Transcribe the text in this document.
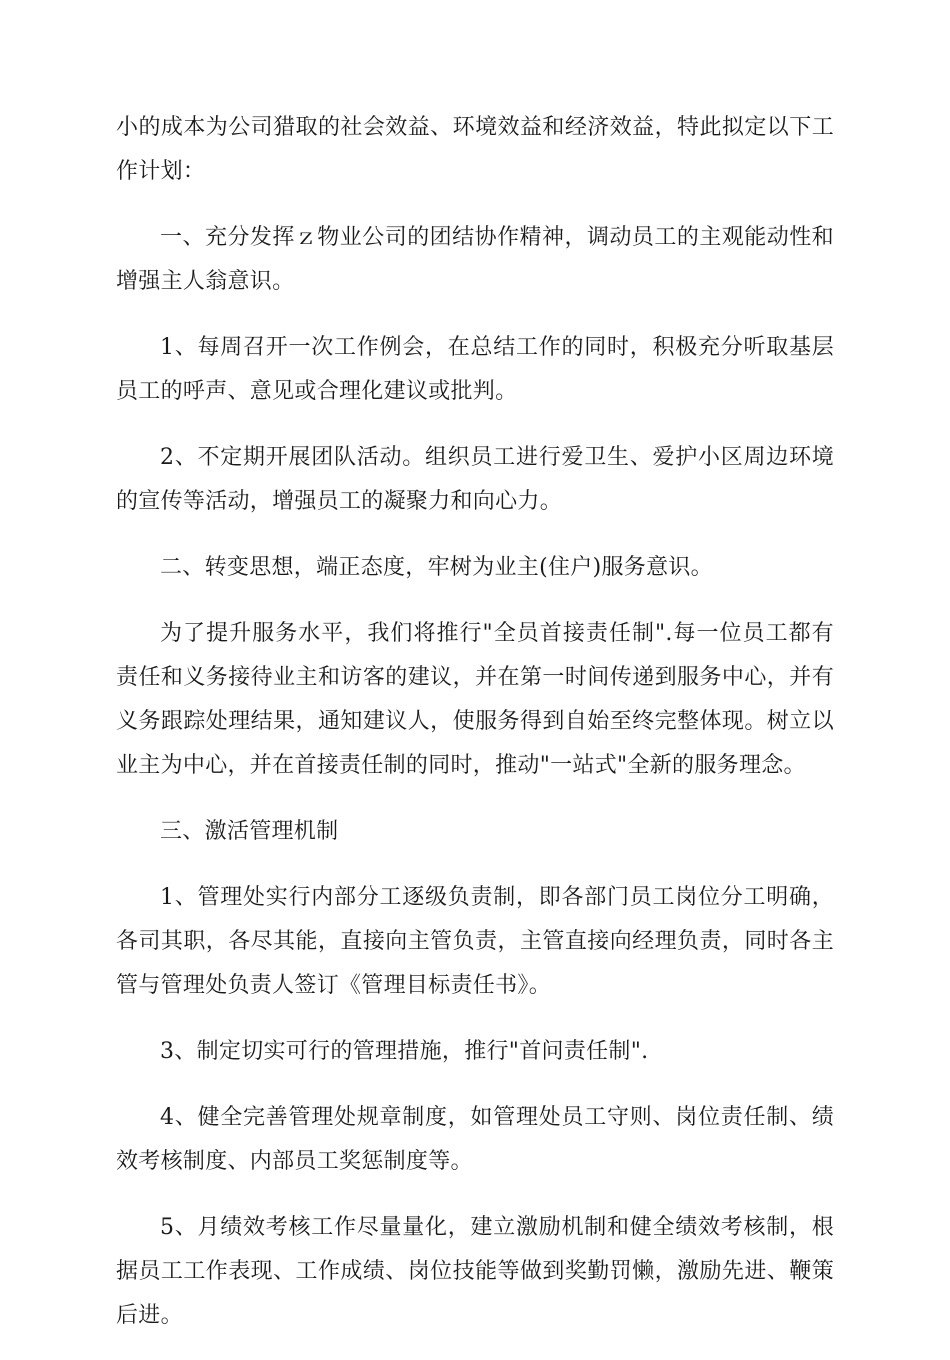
小的成本为公司猎取的社会效益、环境效益和经济效益，特此拟定以下工作计划：

一、充分发挥ｚ物业公司的团结协作精神，调动员工的主观能动性和增强主人翁意识。

1、每周召开一次工作例会，在总结工作的同时，积极充分听取基层员工的呼声、意见或合理化建议或批判。

2、不定期开展团队活动。组织员工进行爱卫生、爱护小区周边环境的宣传等活动，增强员工的凝聚力和向心力。

二、转变思想，端正态度，牢树为业主(住户)服务意识。

为了提升服务水平，我们将推行"全员首接责任制".每一位员工都有责任和义务接待业主和访客的建议，并在第一时间传递到服务中心，并有义务跟踪处理结果，通知建议人，使服务得到自始至终完整体现。树立以业主为中心，并在首接责任制的同时，推动"一站式"全新的服务理念。

三、激活管理机制

1、管理处实行内部分工逐级负责制，即各部门员工岗位分工明确，各司其职，各尽其能，直接向主管负责，主管直接向经理负责，同时各主管与管理处负责人签订《管理目标责任书》。

3、制定切实可行的管理措施，推行"首问责任制".

4、健全完善管理处规章制度，如管理处员工守则、岗位责任制、绩效考核制度、内部员工奖惩制度等。

5、月绩效考核工作尽量量化，建立激励机制和健全绩效考核制，根据员工工作表现、工作成绩、岗位技能等做到奖勤罚懒，激励先进、鞭策后进。
